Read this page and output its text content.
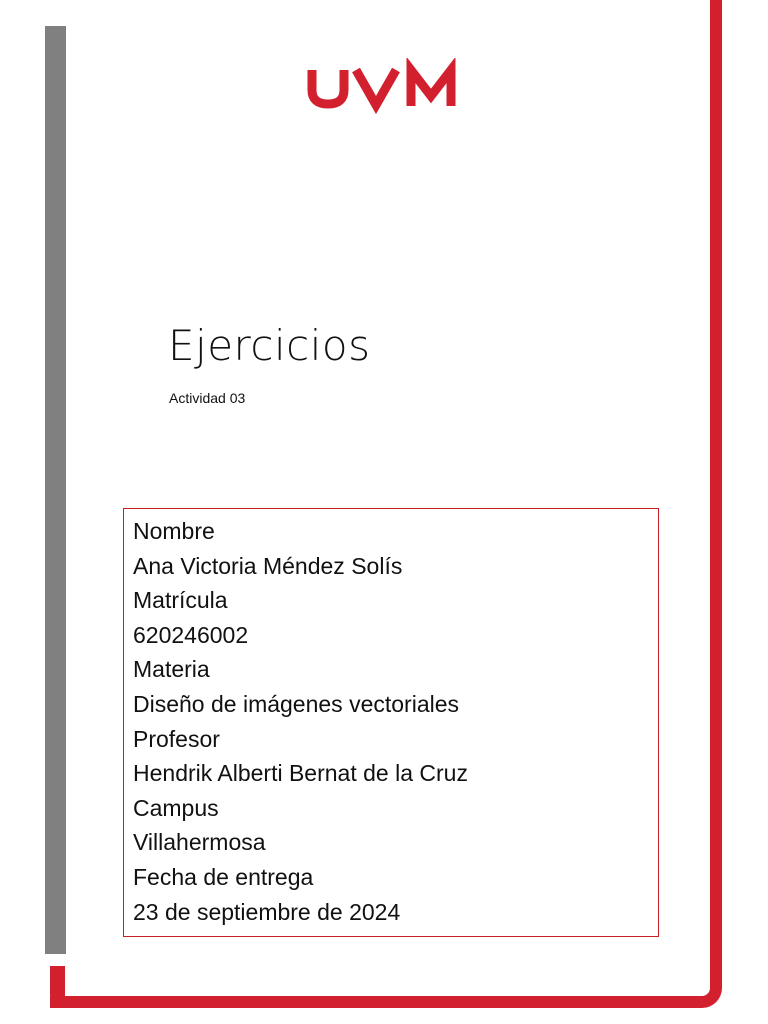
Ejercicios

Actividad 03

Nombre
Ana Victoria Méndez Solís
Matrícula
620246002
Materia
Diseño de imágenes vectoriales
Profesor
Hendrik Alberti Bernat de la Cruz
Campus
Villahermosa
Fecha de entrega
23 de septiembre de 2024
